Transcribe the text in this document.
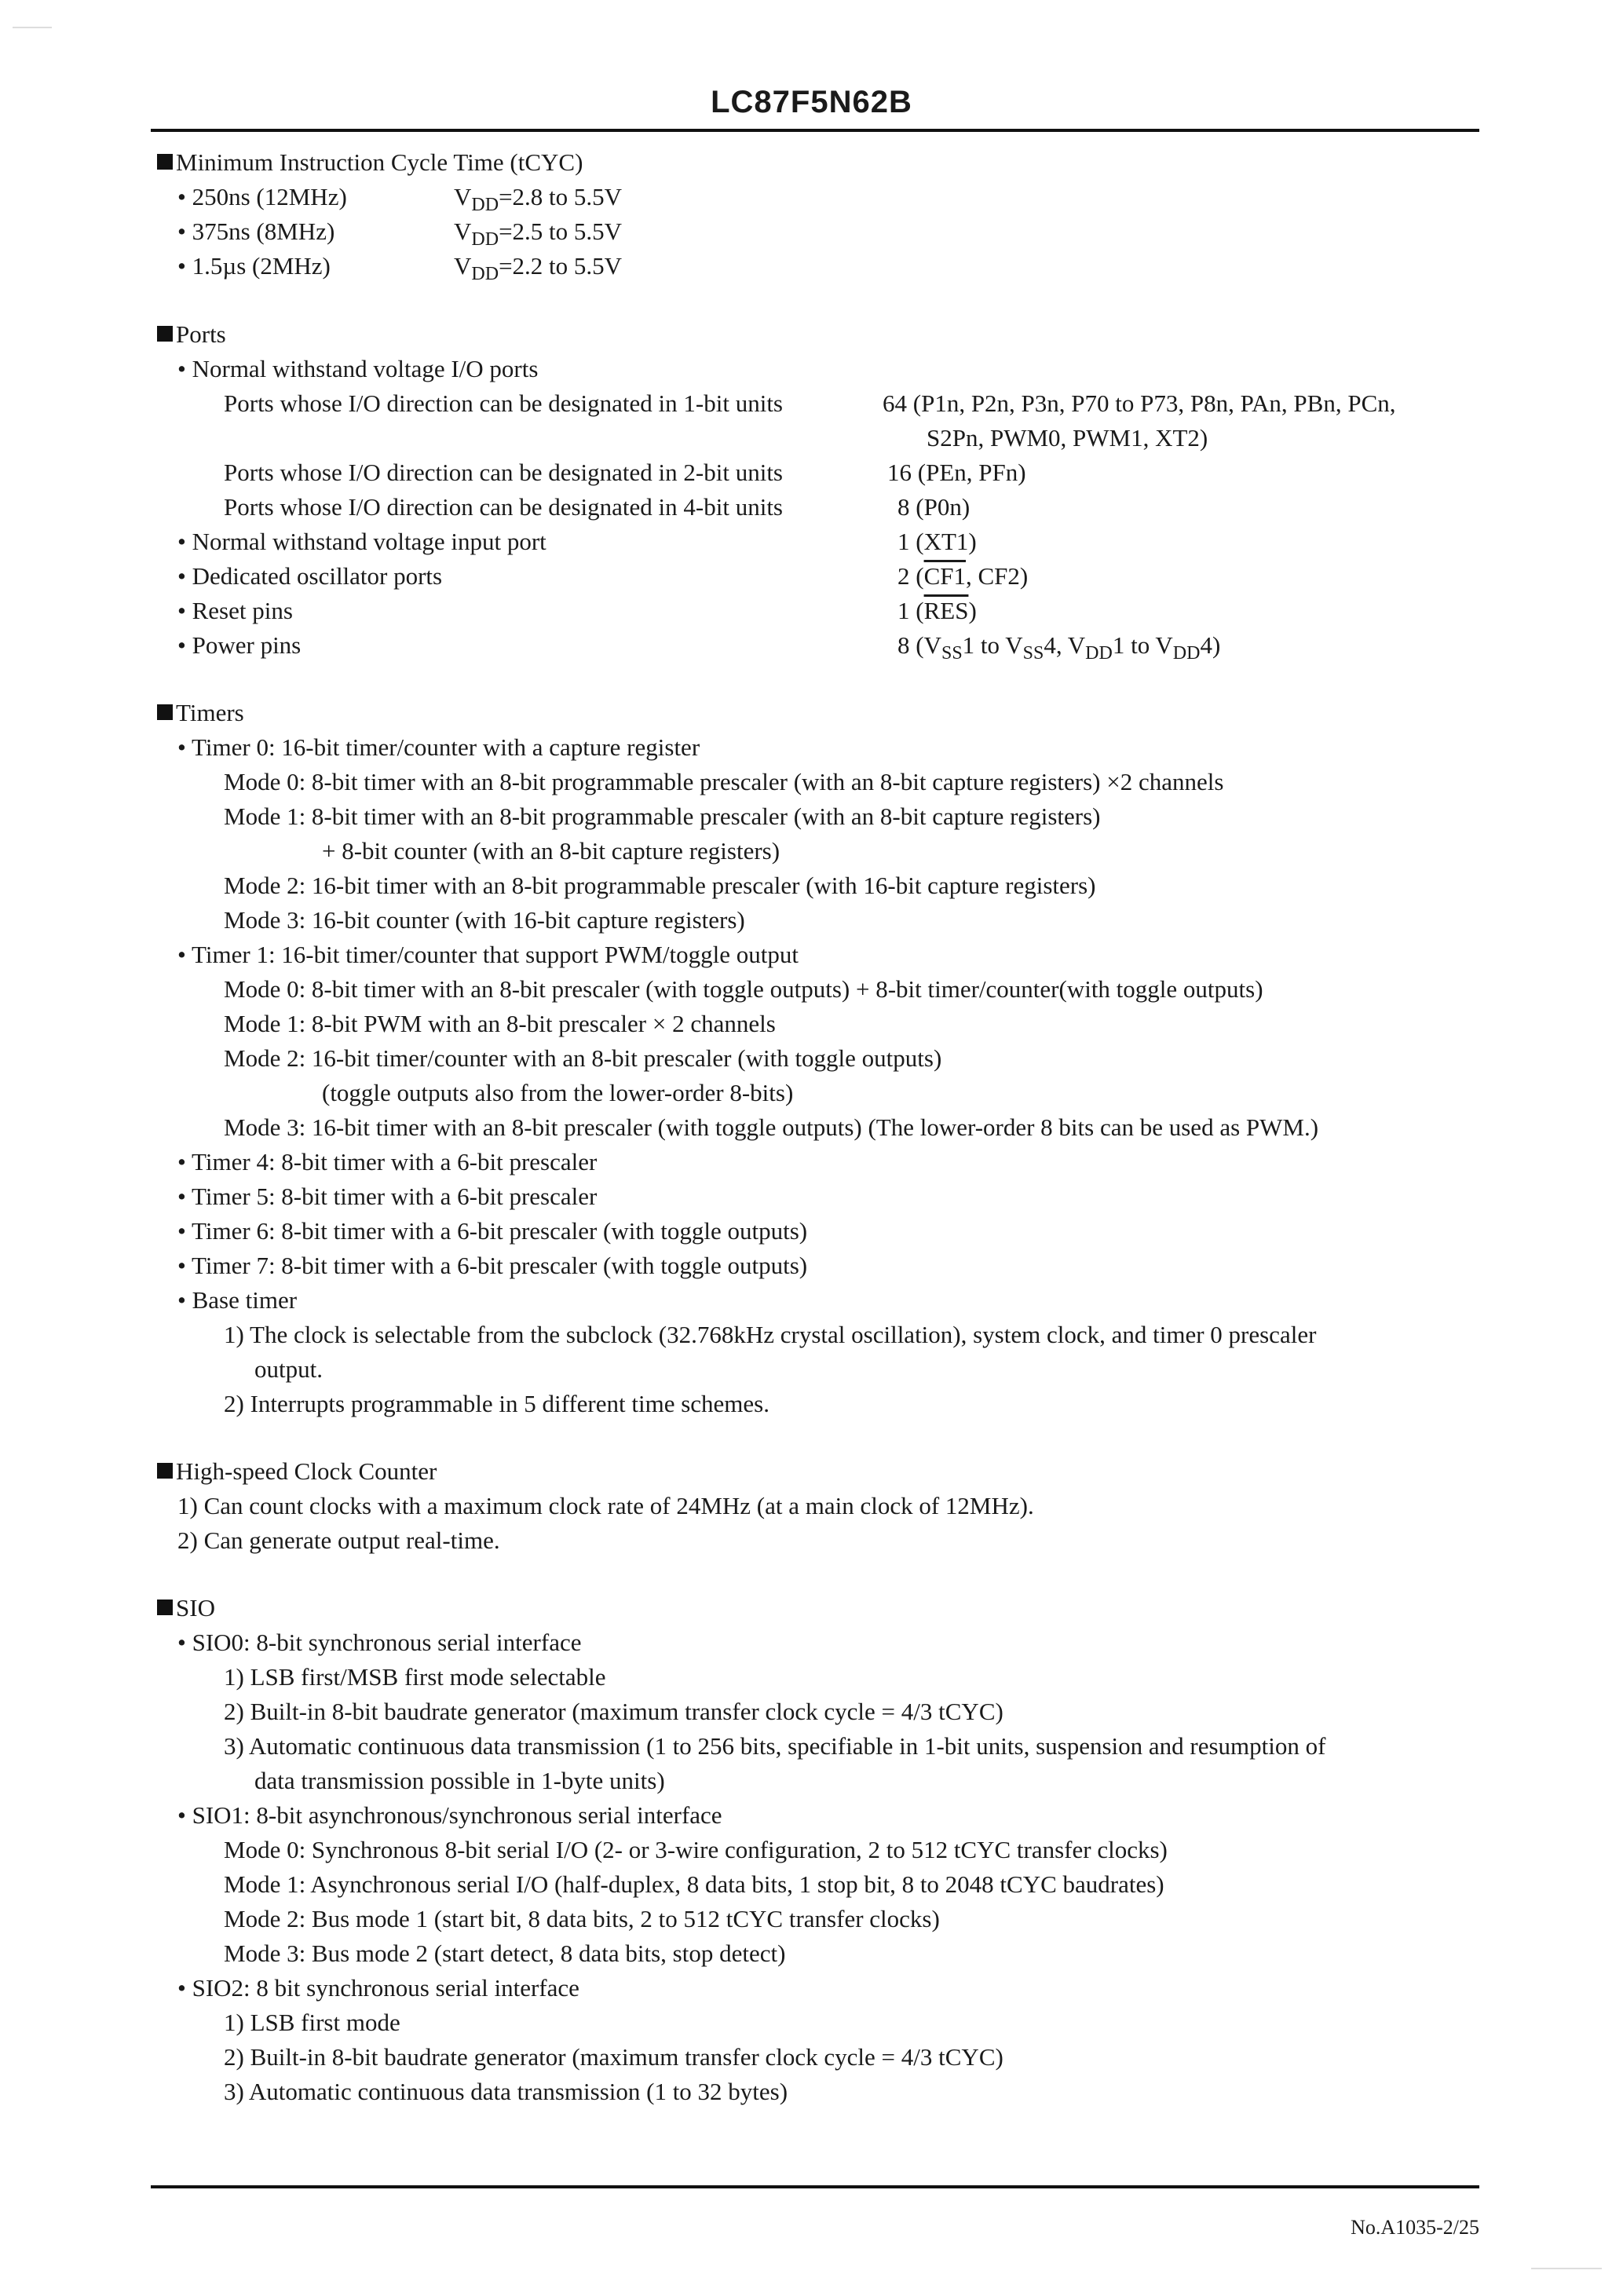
LC87F5N62B
Minimum Instruction Cycle Time (tCYC)
• 250ns (12MHz)	$V_{DD}=2.8$ to 5.5V
• 375ns (8MHz)	$V_{DD}=2.5$ to 5.5V
• 1.5µs (2MHz)	$V_{DD}=2.2$ to 5.5V
Ports
• Normal withstand voltage I/O ports
Ports whose I/O direction can be designated in 1-bit units	64 (P1n, P2n, P3n, P70 to P73, P8n, PAn, PBn, PCn,
S2Pn, PWM0, PWM1, XT2)
Ports whose I/O direction can be designated in 2-bit units	16 (PEn, PFn)
Ports whose I/O direction can be designated in 4-bit units	8 (P0n)
• Normal withstand voltage input port	1 (XT1)
• Dedicated oscillator ports	2 (CF1, CF2)
• Reset pins	1 $(\overline{RES})$
• Power pins	8 ($V_{SS}1$ to $V_{SS}4$, $V_{DD}1$ to $V_{DD}4$)
Timers
• Timer 0: 16-bit timer/counter with a capture register
Mode 0: 8-bit timer with an 8-bit programmable prescaler (with an 8-bit capture registers) ×2 channels
Mode 1: 8-bit timer with an 8-bit programmable prescaler (with an 8-bit capture registers)
+ 8-bit counter (with an 8-bit capture registers)
Mode 2: 16-bit timer with an 8-bit programmable prescaler (with 16-bit capture registers)
Mode 3: 16-bit counter (with 16-bit capture registers)
• Timer 1: 16-bit timer/counter that support PWM/toggle output
Mode 0: 8-bit timer with an 8-bit prescaler (with toggle outputs) + 8-bit timer/counter(with toggle outputs)
Mode 1: 8-bit PWM with an 8-bit prescaler × 2 channels
Mode 2: 16-bit timer/counter with an 8-bit prescaler (with toggle outputs)
(toggle outputs also from the lower-order 8-bits)
Mode 3: 16-bit timer with an 8-bit prescaler (with toggle outputs) (The lower-order 8 bits can be used as PWM.)
• Timer 4: 8-bit timer with a 6-bit prescaler
• Timer 5: 8-bit timer with a 6-bit prescaler
• Timer 6: 8-bit timer with a 6-bit prescaler (with toggle outputs)
• Timer 7: 8-bit timer with a 6-bit prescaler (with toggle outputs)
• Base timer
1) The clock is selectable from the subclock (32.768kHz crystal oscillation), system clock, and timer 0 prescaler
output.
2) Interrupts programmable in 5 different time schemes.
High-speed Clock Counter
1) Can count clocks with a maximum clock rate of 24MHz (at a main clock of 12MHz).
2) Can generate output real-time.
SIO
• SIO0: 8-bit synchronous serial interface
1) LSB first/MSB first mode selectable
2) Built-in 8-bit baudrate generator (maximum transfer clock cycle = 4/3 tCYC)
3) Automatic continuous data transmission (1 to 256 bits, specifiable in 1-bit units, suspension and resumption of
data transmission possible in 1-byte units)
• SIO1: 8-bit asynchronous/synchronous serial interface
Mode 0: Synchronous 8-bit serial I/O (2- or 3-wire configuration, 2 to 512 tCYC transfer clocks)
Mode 1: Asynchronous serial I/O (half-duplex, 8 data bits, 1 stop bit, 8 to 2048 tCYC baudrates)
Mode 2: Bus mode 1 (start bit, 8 data bits, 2 to 512 tCYC transfer clocks)
Mode 3: Bus mode 2 (start detect, 8 data bits, stop detect)
• SIO2: 8 bit synchronous serial interface
1) LSB first mode
2) Built-in 8-bit baudrate generator (maximum transfer clock cycle = 4/3 tCYC)
3) Automatic continuous data transmission (1 to 32 bytes)
No.A1035-2/25
